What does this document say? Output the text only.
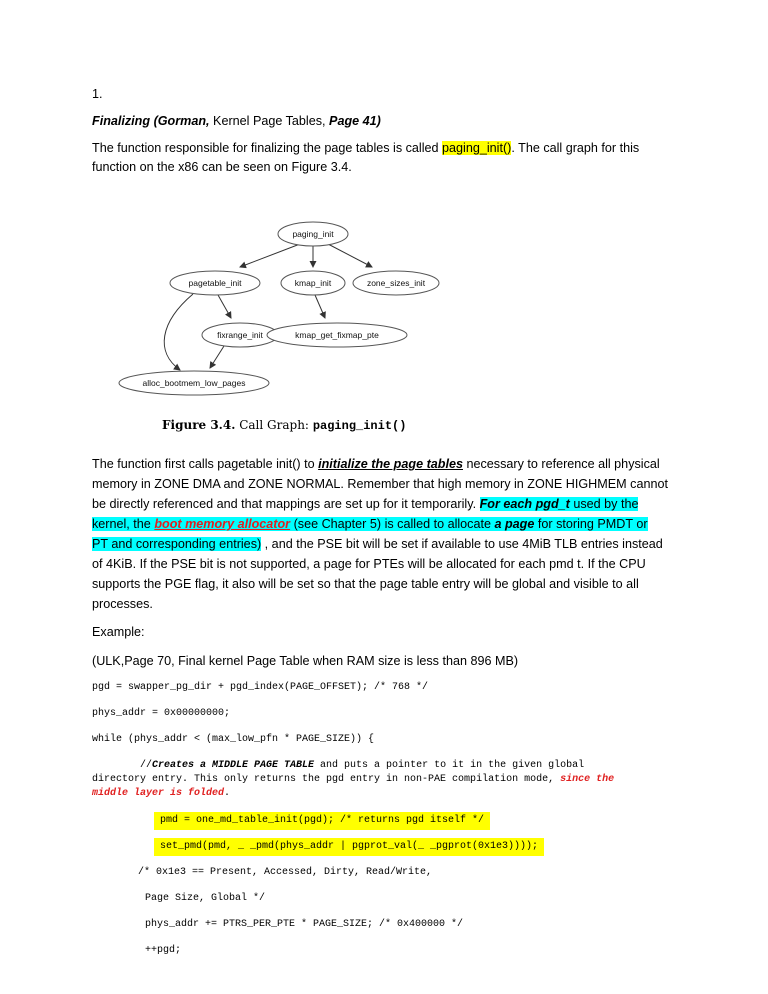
1.
Finalizing (Gorman, Kernel Page Tables, Page 41)
The function responsible for finalizing the page tables is called paging_init(). The call graph for this
function on the x86 can be seen on Figure 3.4.
paging_init
pagetable_init	kmap_init	zone_sizes_init
fixrange_init	kmap_get_fixmap_pte
alloc_bootmem_low_pages
Figure 3.4. Call Graph: paging_init()
The function first calls pagetable init() to initialize the page tables necessary to reference all physical
memory in ZONE DMA and ZONE NORMAL. Remember that high memory in ZONE HIGHMEM cannot
be directly referenced and that mappings are set up for it temporarily. For each pgd_t used by the
kernel, the boot memory allocator (see Chapter 5) is called to allocate a page for storing PMDT or
PT and corresponding entries) , and the PSE bit will be set if available to use 4MiB TLB entries instead
of 4KiB. If the PSE bit is not supported, a page for PTEs will be allocated for each pmd t. If the CPU
supports the PGE flag, it also will be set so that the page table entry will be global and visible to all
processes.
Example:
(ULK,Page 70, Final kernel Page Table when RAM size is less than 896 MB)
pgd = swapper_pg_dir + pgd_index(PAGE_OFFSET); /* 768 */
phys_addr = 0x00000000;
while (phys_addr < (max_low_pfn * PAGE_SIZE)) {
//Creates a MIDDLE PAGE TABLE and puts a pointer to it in the given global
directory entry. This only returns the pgd entry in non-PAE compilation mode, since the
middle layer is folded.
pmd = one_md_table_init(pgd); /* returns pgd itself */
set_pmd(pmd, _ _pmd(phys_addr | pgprot_val(_ _pgprot(0x1e3))));
/* 0x1e3 == Present, Accessed, Dirty, Read/Write,
Page Size, Global */
phys_addr += PTRS_PER_PTE * PAGE_SIZE; /* 0x400000 */
++pgd;
